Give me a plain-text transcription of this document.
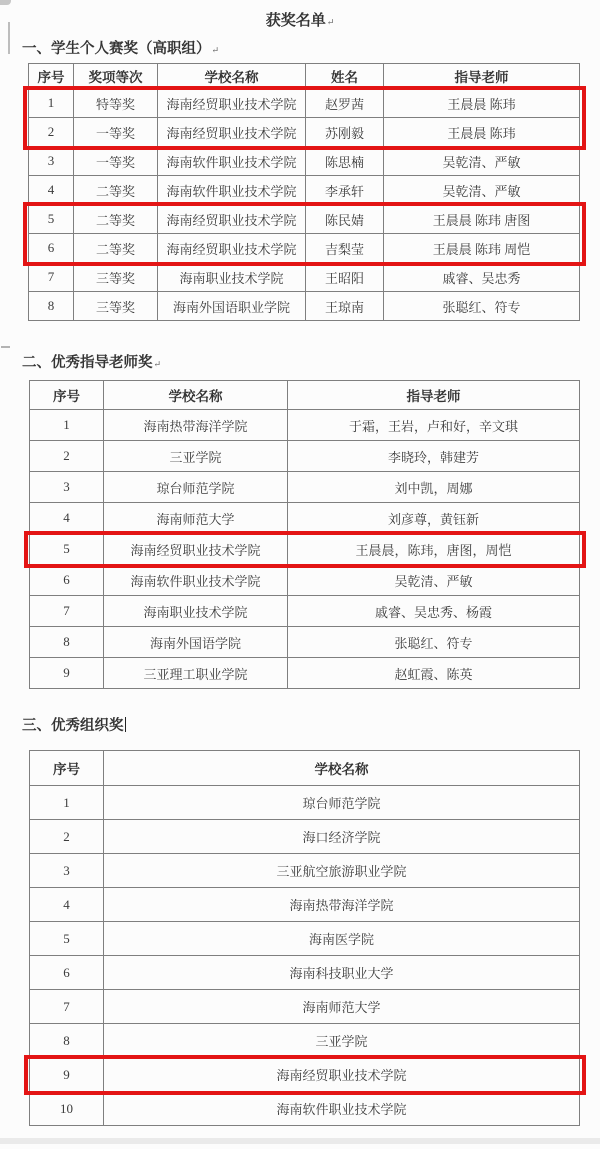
获奖名单↵
一、学生个人赛奖（高职组）↵
序号	奖项等次	学校名称	姓名	指导老师
1	特等奖	海南经贸职业技术学院	赵罗茜	王晨晨 陈玮
2	一等奖	海南经贸职业技术学院	苏刚毅	王晨晨 陈玮
3	一等奖	海南软件职业技术学院	陈思楠	吴乾清、严敏
4	二等奖	海南软件职业技术学院	李承轩	吴乾清、严敏
5	二等奖	海南经贸职业技术学院	陈民婧	王晨晨 陈玮 唐图
6	二等奖	海南经贸职业技术学院	吉梨莹	王晨晨 陈玮 周恺
7	三等奖	海南职业技术学院	王昭阳	戚睿、吴忠秀
8	三等奖	海南外国语职业学院	王琼南	张聪红、符专
二、优秀指导老师奖↵
序号	学校名称	指导老师
1	海南热带海洋学院	于霜，王岩，卢和好，辛文琪
2	三亚学院	李晓玲，韩建芳
3	琼台师范学院	刘中凯，周娜
4	海南师范大学	刘彦尊，黄钰新
5	海南经贸职业技术学院	王晨晨，陈玮，唐图，周恺
6	海南软件职业技术学院	吴乾清、严敏
7	海南职业技术学院	戚睿、吴忠秀、杨霞
8	海南外国语学院	张聪红、符专
9	三亚理工职业学院	赵虹霞、陈英
三、优秀组织奖
序号	学校名称
1	琼台师范学院
2	海口经济学院
3	三亚航空旅游职业学院
4	海南热带海洋学院
5	海南医学院
6	海南科技职业大学
7	海南师范大学
8	三亚学院
9	海南经贸职业技术学院
10	海南软件职业技术学院
